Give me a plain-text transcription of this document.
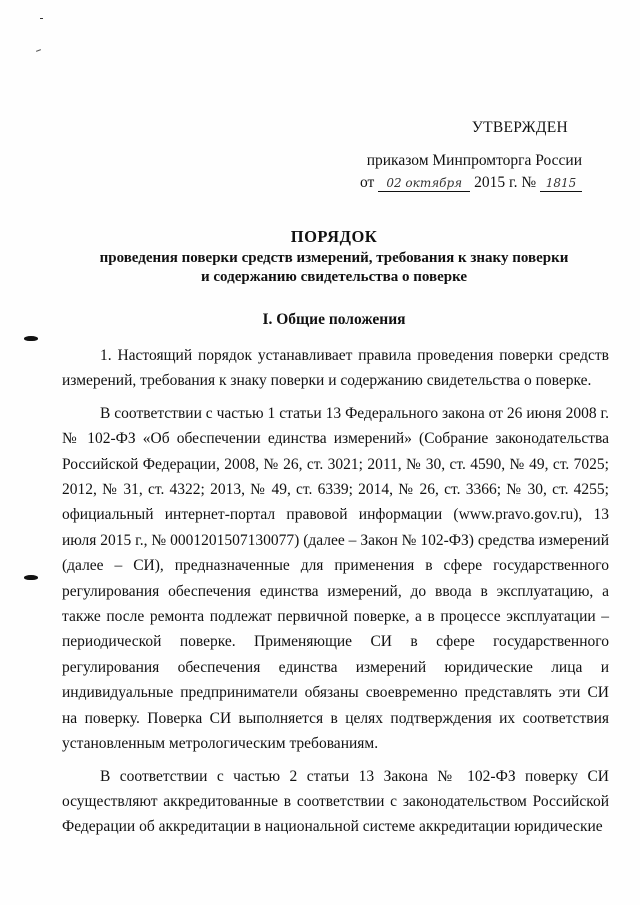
УТВЕРЖДЕН
приказом Минпромторга России
от 02 октября 2015 г. № 1815
ПОРЯДОК
проведения поверки средств измерений, требования к знаку поверки
и содержанию свидетельства о поверке
I. Общие положения

1. Настоящий порядок устанавливает правила проведения поверки средств измерений, требования к знаку поверки и содержанию свидетельства о поверке.

В соответствии с частью 1 статьи 13 Федерального закона от 26 июня 2008 г. № 102-ФЗ «Об обеспечении единства измерений» (Собрание законодательства Российской Федерации, 2008, № 26, ст. 3021; 2011, № 30, ст. 4590, № 49, ст. 7025; 2012, № 31, ст. 4322; 2013, № 49, ст. 6339; 2014, № 26, ст. 3366; № 30, ст. 4255; официальный интернет-портал правовой информации (www.pravo.gov.ru), 13 июля 2015 г., № 0001201507130077) (далее – Закон № 102-ФЗ) средства измерений (далее – СИ), предназначенные для применения в сфере государственного регулирования обеспечения единства измерений, до ввода в эксплуатацию, а также после ремонта подлежат первичной поверке, а в процессе эксплуатации – периодической поверке. Применяющие СИ в сфере государственного регулирования обеспечения единства измерений юридические лица и индивидуальные предприниматели обязаны своевременно представлять эти СИ на поверку. Поверка СИ выполняется в целях подтверждения их соответствия установленным метрологическим требованиям.

В соответствии с частью 2 статьи 13 Закона № 102-ФЗ поверку СИ осуществляют аккредитованные в соответствии с законодательством Российской Федерации об аккредитации в национальной системе аккредитации юридические
